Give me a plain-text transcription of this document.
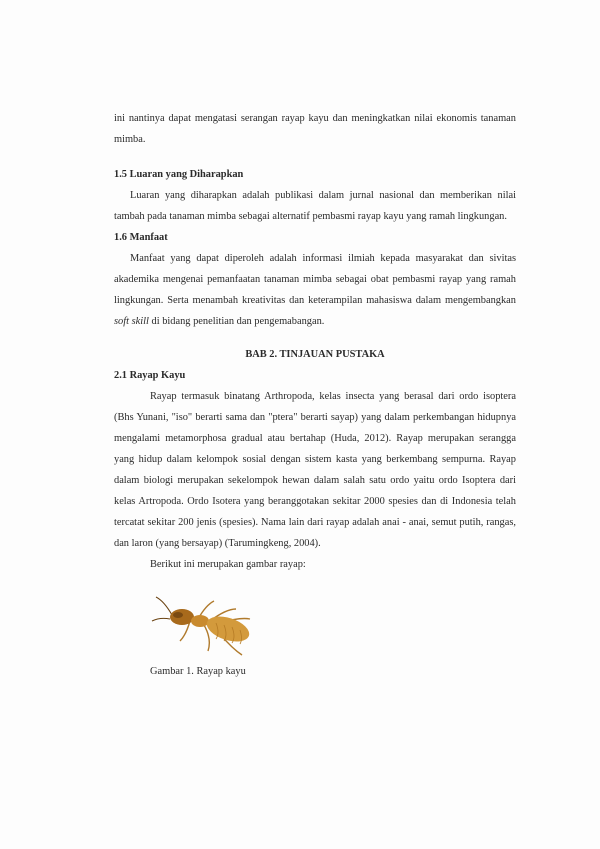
ini nantinya dapat mengatasi serangan rayap kayu dan meningkatkan nilai ekonomis tanaman mimba.

1.5 Luaran yang Diharapkan

Luaran yang diharapkan adalah publikasi dalam jurnal nasional dan memberikan nilai tambah pada tanaman mimba sebagai alternatif pembasmi rayap kayu yang ramah lingkungan.

1.6 Manfaat

Manfaat yang dapat diperoleh adalah informasi ilmiah kepada masyarakat dan sivitas akademika mengenai pemanfaatan tanaman mimba sebagai obat pembasmi rayap yang ramah lingkungan. Serta menambah kreativitas dan keterampilan mahasiswa dalam mengembangkan soft skill di bidang penelitian dan pengemabangan.

BAB 2. TINJAUAN PUSTAKA

2.1 Rayap Kayu

Rayap termasuk binatang Arthropoda, kelas insecta yang berasal dari ordo isoptera (Bhs Yunani, "iso" berarti sama dan "ptera" berarti sayap) yang dalam perkembangan hidupnya mengalami metamorphosa gradual atau bertahap (Huda, 2012). Rayap merupakan serangga yang hidup dalam kelompok sosial dengan sistem kasta yang berkembang sempurna. Rayap dalam biologi merupakan sekelompok hewan dalam salah satu ordo yaitu ordo Isoptera dari kelas Artropoda. Ordo Isotera yang beranggotakan sekitar 2000 spesies dan di Indonesia telah tercatat sekitar 200 jenis (spesies). Nama lain dari rayap adalah anai - anai, semut putih, rangas, dan laron (yang bersayap) (Tarumingkeng, 2004).

Berikut ini merupakan gambar rayap:

Gambar 1. Rayap kayu
